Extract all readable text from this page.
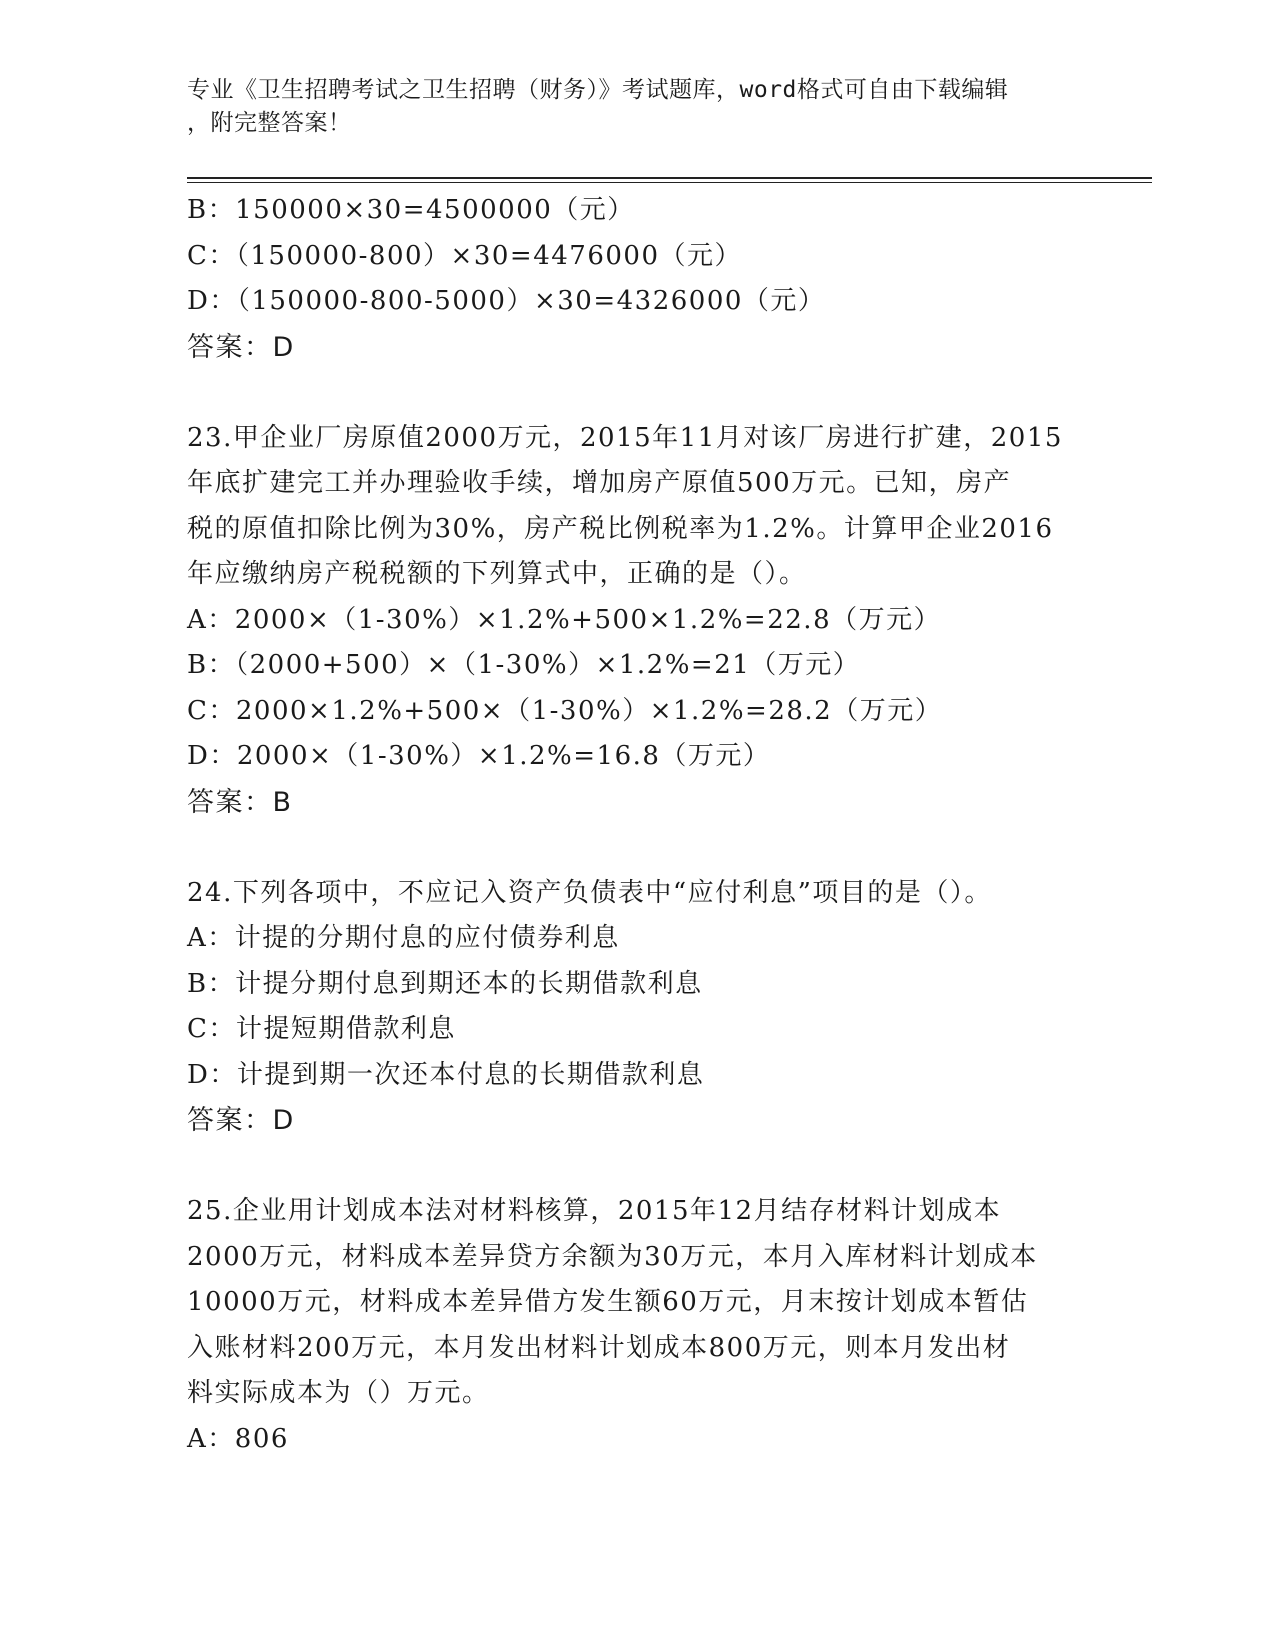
专业《卫生招聘考试之卫生招聘（财务）》考试题库，word格式可自由下载编辑
，附完整答案！
B：150000×30=4500000（元）
C：（150000-800）×30=4476000（元）
D：（150000-800-5000）×30=4326000（元）
答案：D
23.甲企业厂房原值2000万元，2015年11月对该厂房进行扩建，2015
年底扩建完工并办理验收手续，增加房产原值500万元。已知，房产
税的原值扣除比例为30%，房产税比例税率为1.2%。计算甲企业2016
年应缴纳房产税税额的下列算式中，正确的是（）。
A：2000×（1-30%）×1.2%+500×1.2%=22.8（万元）
B：（2000+500）×（1-30%）×1.2%=21（万元）
C：2000×1.2%+500×（1-30%）×1.2%=28.2（万元）
D：2000×（1-30%）×1.2%=16.8（万元）
答案：B
24.下列各项中，不应记入资产负债表中“应付利息”项目的是（）。
A：计提的分期付息的应付债券利息
B：计提分期付息到期还本的长期借款利息
C：计提短期借款利息
D：计提到期一次还本付息的长期借款利息
答案：D
25.企业用计划成本法对材料核算，2015年12月结存材料计划成本
2000万元，材料成本差异贷方余额为30万元，本月入库材料计划成本
10000万元，材料成本差异借方发生额60万元，月末按计划成本暂估
入账材料200万元，本月发出材料计划成本800万元，则本月发出材
料实际成本为（）万元。
A：806
